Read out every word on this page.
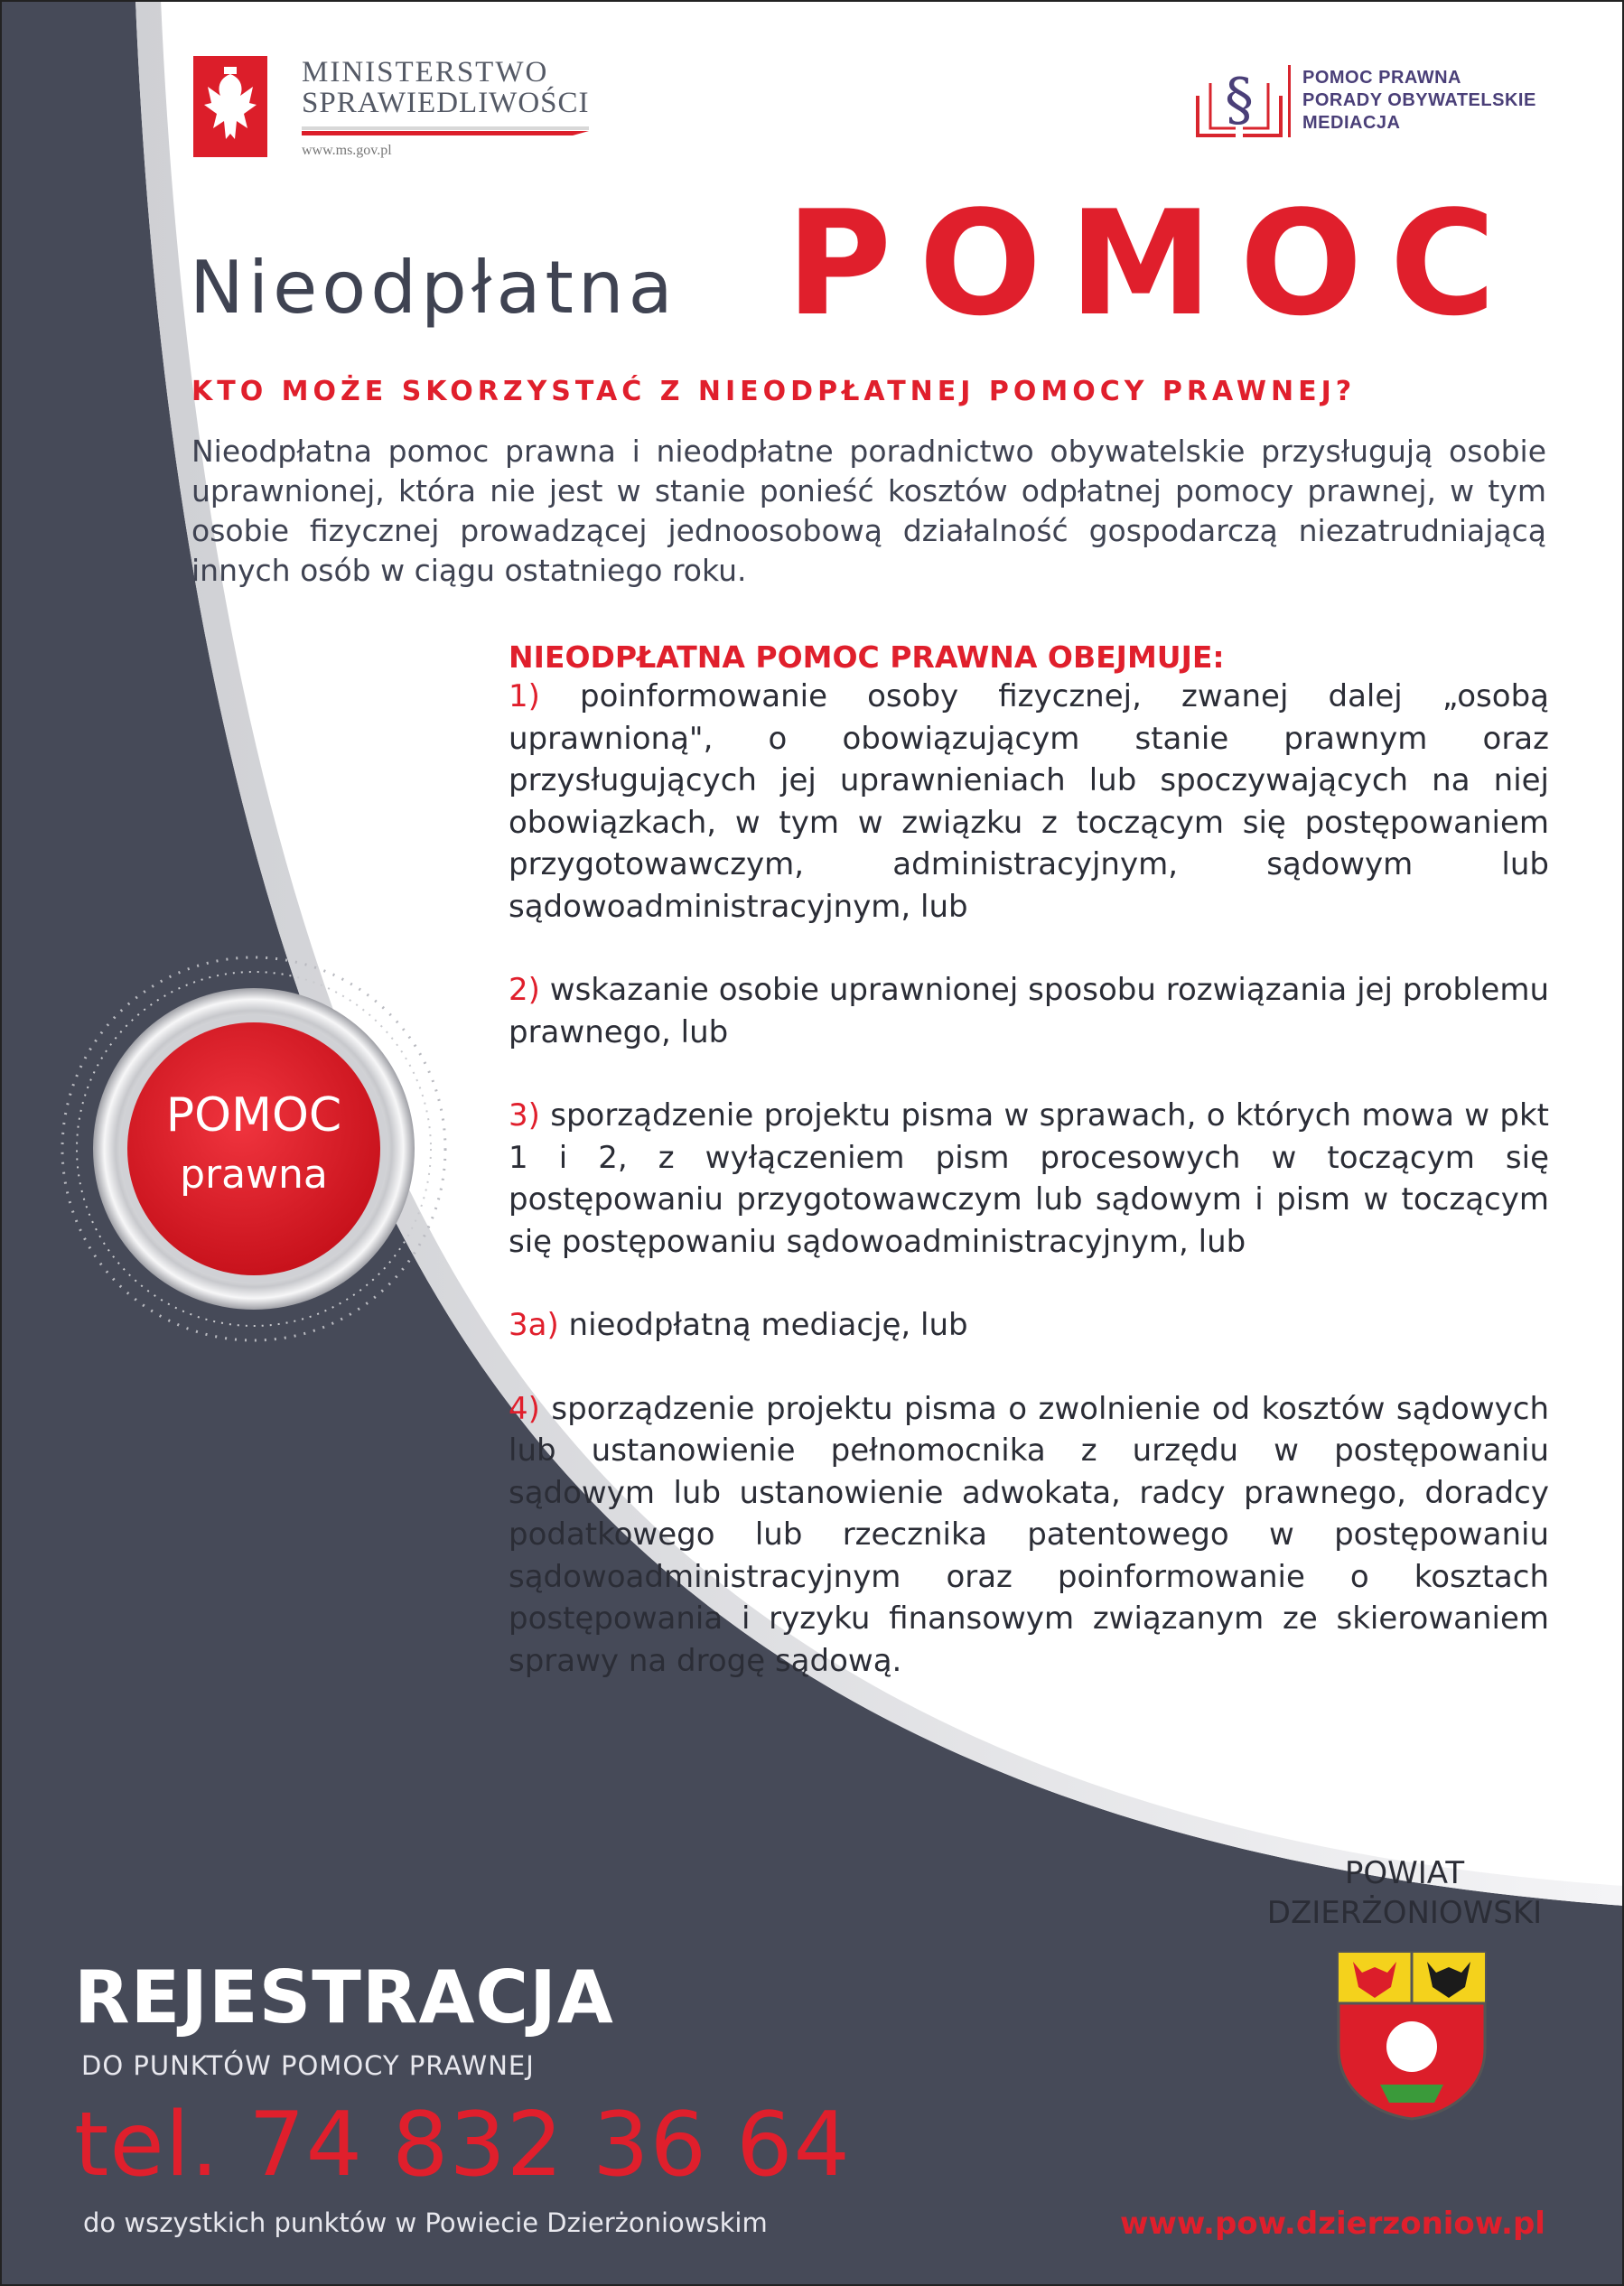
MINISTERSTWO
SPRAWIEDLIWOŚCI
www.ms.gov.pl
§	POMOC PRAWNA
PORADY OBYWATELSKIE
MEDIACJA
Nieodpłatna POMOC
KTO MOŻE SKORZYSTAĆ Z NIEODPŁATNEJ POMOCY PRAWNEJ?
Nieodpłatna pomoc prawna i nieodpłatne poradnictwo obywatelskie przysługują osobie uprawnionej, która nie jest w stanie ponieść kosztów odpłatnej pomocy prawnej, w tym osobie fizycznej prowadzącej jednoosobową działalność gospodarczą niezatrudniającą innych osób w ciągu ostatniego roku.
NIEODPŁATNA POMOC PRAWNA OBEJMUJE:
1) poinformowanie osoby fizycznej, zwanej dalej „osobą uprawnioną", o obowiązującym stanie prawnym oraz przysługujących jej uprawnieniach lub spoczywających na niej obowiązkach, w tym w związku z toczącym się postępowaniem przygotowawczym, administracyjnym, sądowym lub sądowoadministracyjnym, lub
2) wskazanie osobie uprawnionej sposobu rozwiązania jej problemu prawnego, lub
3) sporządzenie projektu pisma w sprawach, o których mowa w pkt 1 i 2, z wyłączeniem pism procesowych w toczącym się postępowaniu przygotowawczym lub sądowym i pism w toczącym się postępowaniu sądowoadministracyjnym, lub
3a) nieodpłatną mediację, lub
4) sporządzenie projektu pisma o zwolnienie od kosztów sądowych lub ustanowienie pełnomocnika z urzędu w postępowaniu sądowym lub ustanowienie adwokata, radcy prawnego, doradcy podatkowego lub rzecznika patentowego w postępowaniu sądowoadministracyjnym oraz poinformowanie o kosztach postępowania i ryzyku finansowym związanym ze skierowaniem sprawy na drogę sądową.
POMOC
prawna
POWIAT
DZIERŻONIOWSKI
REJESTRACJA
DO PUNKTÓW POMOCY PRAWNEJ
tel. 74 832 36 64
do wszystkich punktów w Powiecie Dzierżoniowskim	www.pow.dzierzoniow.pl
